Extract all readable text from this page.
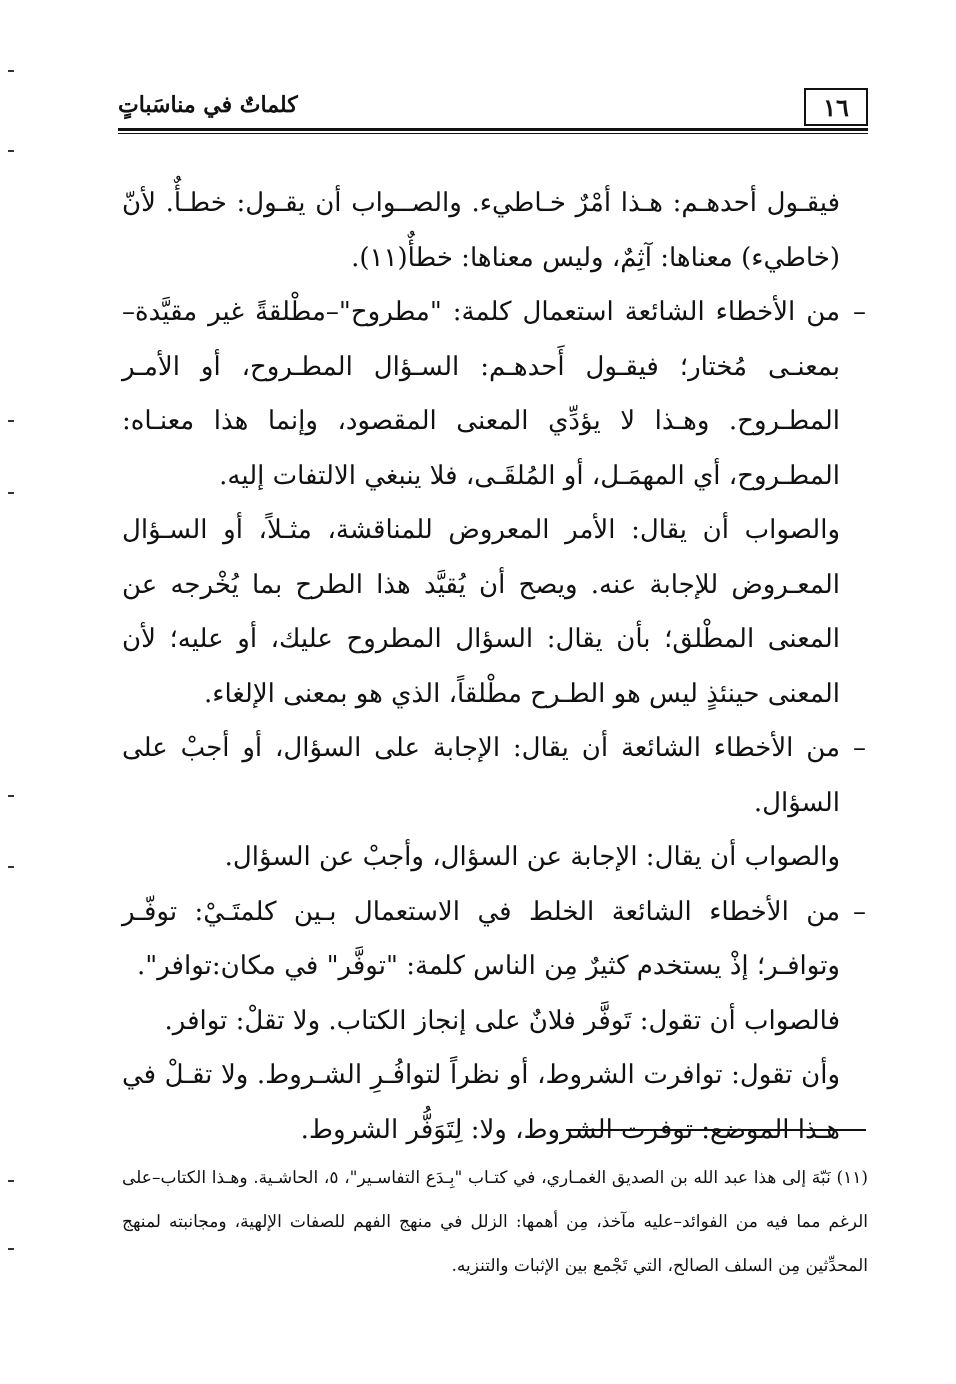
١٦
كلماتٌ في مناسَباتٍ

فيقـول أحدهـم: هـذا أمْرٌ خـاطيء. والصــواب أن يقـول: خطـأٌ. لأنّ (خاطيء) معناها: آثِمٌ، وليس معناها: خطأٌ(١١).

– من الأخطاء الشائعة استعمال كلمة: "مطروح"–مطْلقةً غير مقيَّدة– بمعنـى مُختار؛ فيقـول أَحدهـم: السـؤال المطـروح، أو الأمـر المطـروح. وهـذا لا يؤدِّي المعنى المقصود، وإنما هذا معنـاه: المطـروح، أي المهمَـل، أو المُلقَـى، فلا ينبغي الالتفات إليه.

والصواب أن يقال: الأمر المعروض للمناقشة، مثـلاً، أو السـؤال المعـروض للإجابة عنه. ويصح أن يُقيَّد هذا الطرح بما يُخْرجه عن المعنى المطْلق؛ بأن يقال: السؤال المطروح عليك، أو عليه؛ لأن المعنى حينئذٍ ليس هو الطـرح مطْلقاً، الذي هو بمعنى الإلغاء.

– من الأخطاء الشائعة أن يقال: الإجابة على السؤال، أو أجبْ على السؤال.

والصواب أن يقال: الإجابة عن السؤال، وأجبْ عن السؤال.

– من الأخطاء الشائعة الخلط في الاستعمال بـين كلمتَـيْ: توفّـر وتوافـر؛ إذْ يستخدم كثيرٌ مِن الناس كلمة: "توفَّر" في مكان:توافر".

فالصواب أن تقول: تَوفَّر فلانٌ على إنجاز الكتاب. ولا تقلْ: توافر.

وأن تقول: توافرت الشروط، أو نظراً لتوافُـرِ الشـروط. ولا تقـلْ في هـذا الموضع: توفرت الشروط، ولا: لِتَوَفُّر الشروط.

(١١) نَبّهَ إلى هذا عبد الله بن الصديق الغمـاري، في كتـاب "بِـدَع التفاسـير"، ٥، الحاشـية. وهـذا الكتاب–على الرغم مما فيه من الفوائد–عليه مآخذ، مِن أهمها: الزلل في منهج الفهم للصفات الإلهية، ومجانبته لمنهج المحدِّثين مِن السلف الصالح، التي تَجْمع بين الإثبات والتنزيه.
